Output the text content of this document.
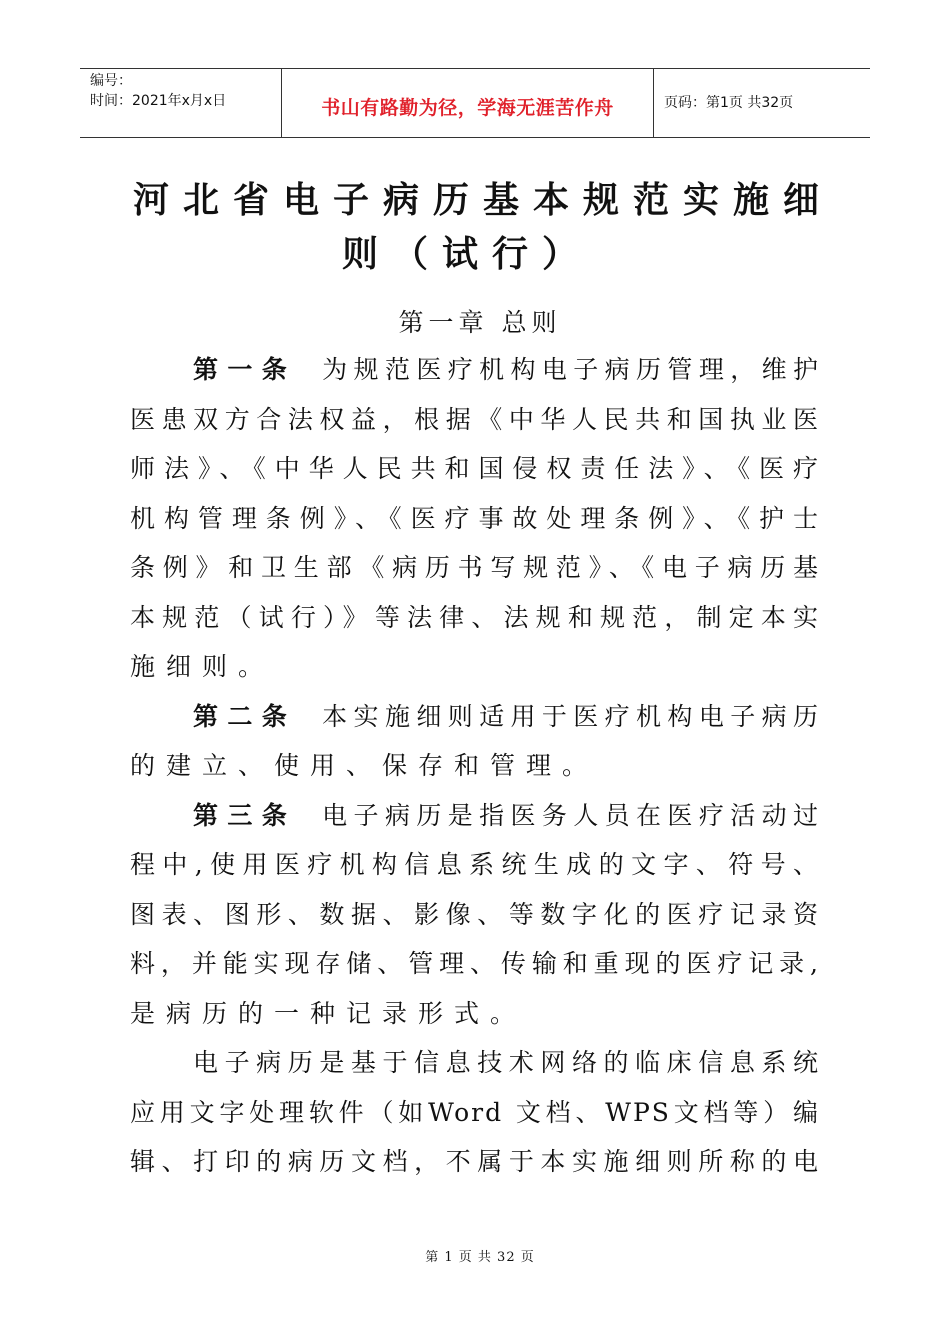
编号：
时间：2021年x月x日	书山有路勤为径，学海无涯苦作舟	页码：第1页 共32页
河北省电子病历基本规范实施细
则（试行）
第一章 总则
第一条 为规范医疗机构电子病历管理，维护
医患双方合法权益，根据《中华人民共和国执业医
师法》、《中华人民共和国侵权责任法》、《医疗
机构管理条例》、《医疗事故处理条例》、《护士
条例》和卫生部《病历书写规范》、《电子病历基
本规范（试行）》等法律、法规和规范，制定本实
施细则。
第二条 本实施细则适用于医疗机构电子病历
的建立、使用、保存和管理。
第三条 电子病历是指医务人员在医疗活动过
程中,使用医疗机构信息系统生成的文字、符号、
图表、图形、数据、影像、等数字化的医疗记录资
料，并能实现存储、管理、传输和重现的医疗记录,
是病历的一种记录形式。
电子病历是基于信息技术网络的临床信息系统
应用文字处理软件（如Word 文档、WPS文档等）编
辑、打印的病历文档，不属于本实施细则所称的电
第 1 页 共 32 页
